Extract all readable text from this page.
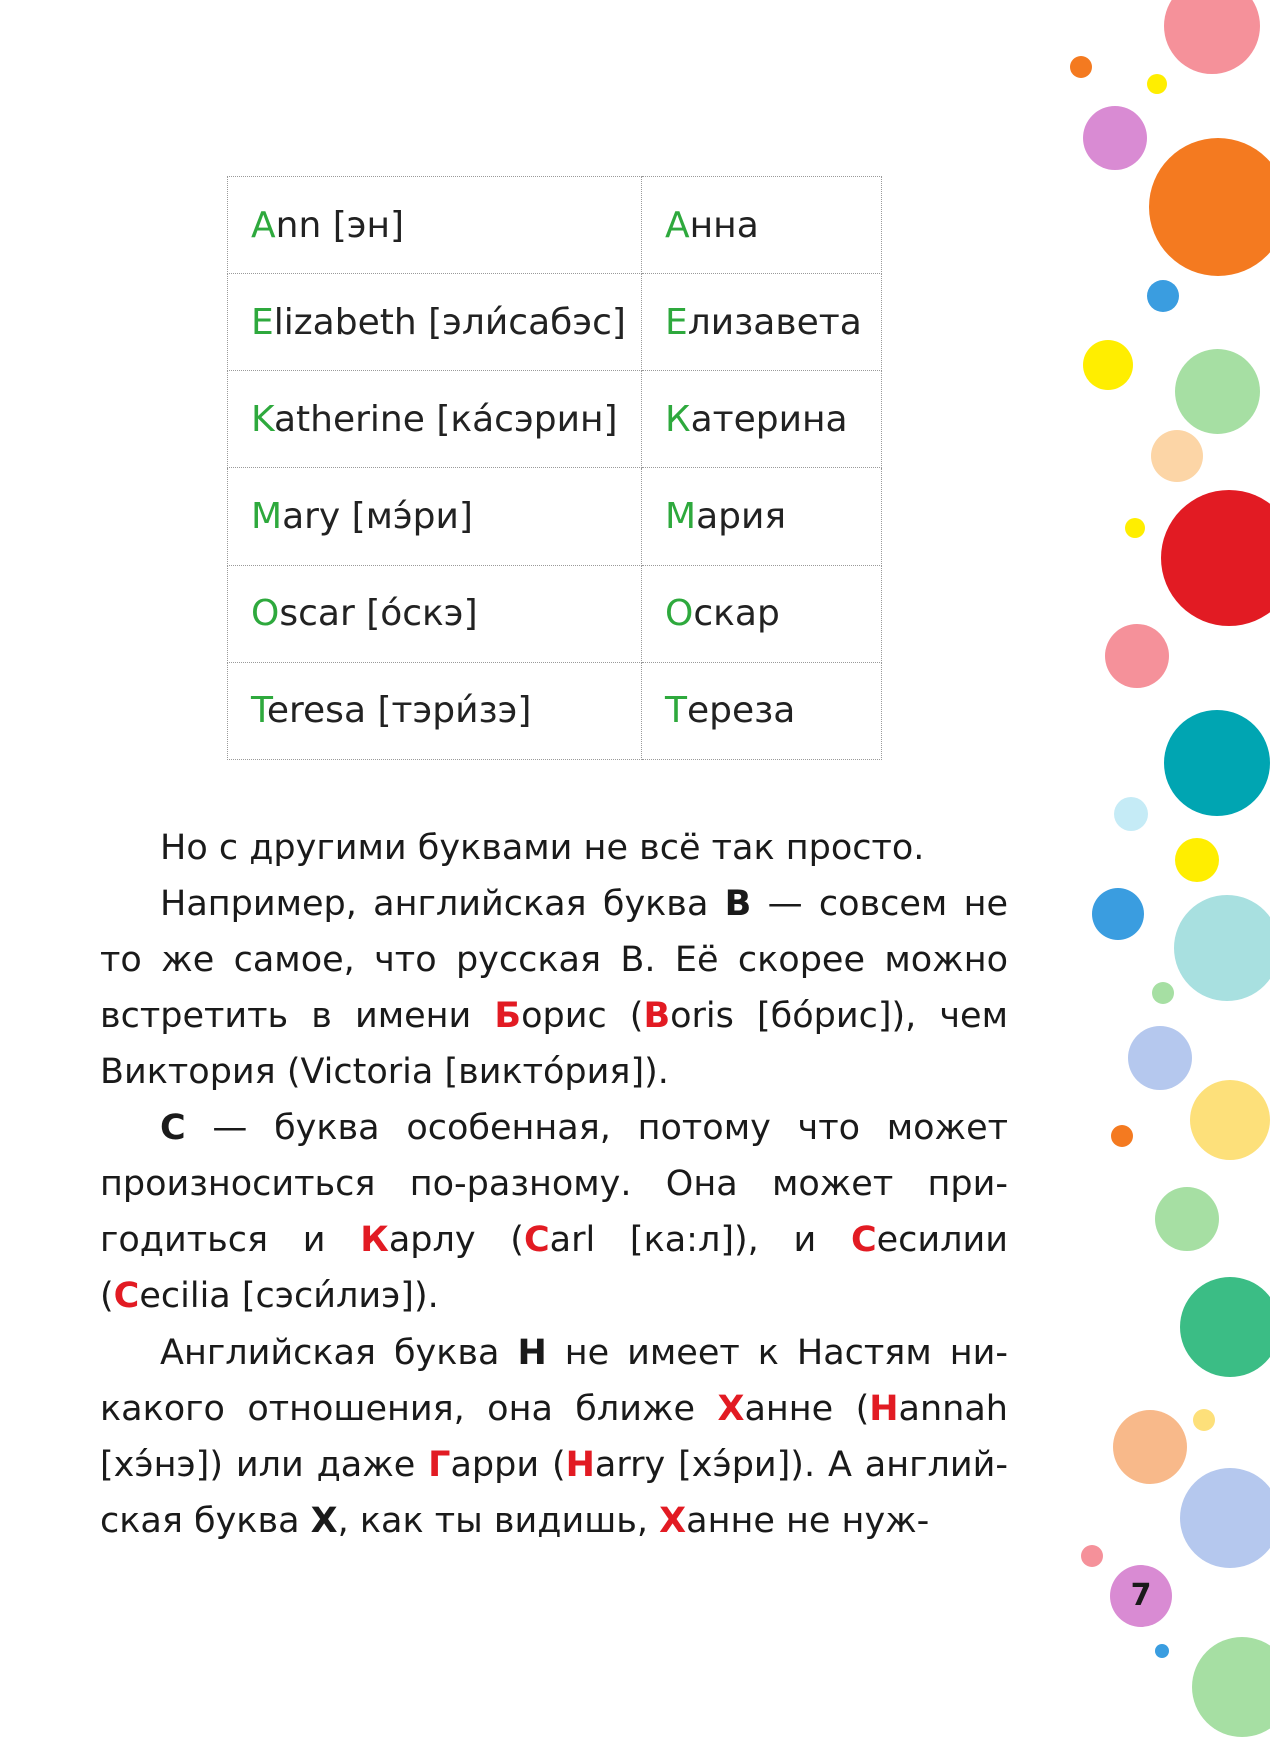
7
Ann [эн]	Анна
Elizabeth [эли́сабэс]	Елизавета
Katherine [ка́сэрин]	Катерина
Mary [мэ́ри]	Мария
Oscar [о́скэ]	Оскар
Teresa [тэри́зэ]	Тереза

Но с другими буквами не всё так просто.

Например, английская буква B — совсем не то же самое, что русская В. Её скорее можно встретить в имени Борис (Boris [бо́рис]), чем Виктория (Victoria [викто́рия]).

C — буква особенная, потому что может произноситься по-разному. Она может пригодиться и Карлу (Carl [ка:л]), и Сесилии (Cecilia [сэси́лиэ]).

Английская буква H не имеет к Настям никакого отношения, она ближе Ханне (Hannah [хэ́нэ]) или даже Гарри (Harry [хэ́ри]). А английская буква X, как ты видишь, Ханне не нуж-
